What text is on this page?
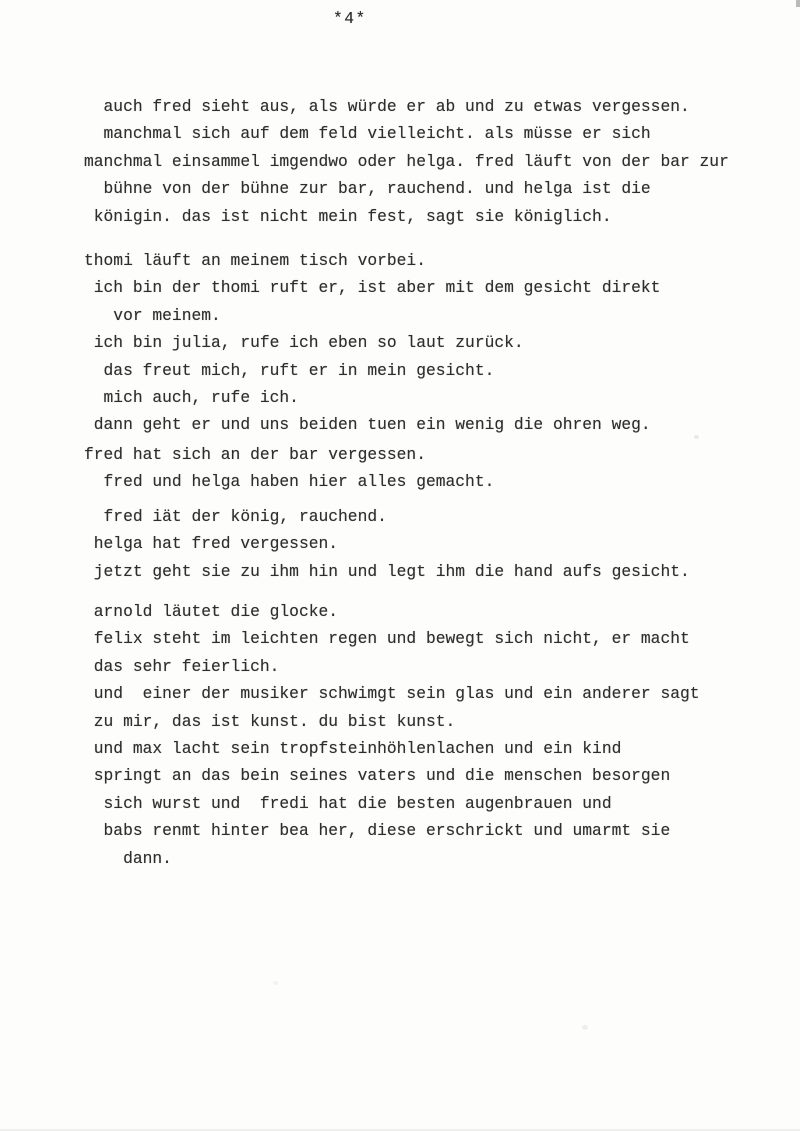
*4*
auch fred sieht aus, als würde er ab und zu etwas vergessen.
manchmal sich auf dem feld vielleicht. als müsse er sich
manchmal einsammel imgendwo oder helga. fred läuft von der bar zur
bühne von der bühne zur bar, rauchend. und helga ist die
königin. das ist nicht mein fest, sagt sie königlich.
thomi läuft an meinem tisch vorbei.
ich bin der thomi ruft er, ist aber mit dem gesicht direkt
vor meinem.
ich bin julia, rufe ich eben so laut zurück.
das freut mich, ruft er in mein gesicht.
mich auch, rufe ich.
dann geht er und uns beiden tuen ein wenig die ohren weg.
fred hat sich an der bar vergessen.
fred und helga haben hier alles gemacht.
fred iät der könig, rauchend.
helga hat fred vergessen.
jetzt geht sie zu ihm hin und legt ihm die hand aufs gesicht.
arnold läutet die glocke.
felix steht im leichten regen und bewegt sich nicht, er macht
das sehr feierlich.
und  einer der musiker schwimgt sein glas und ein anderer sagt
zu mir, das ist kunst. du bist kunst.
und max lacht sein tropfsteinhöhlenlachen und ein kind
springt an das bein seines vaters und die menschen besorgen
sich wurst und  fredi hat die besten augenbrauen und
babs renmt hinter bea her, diese erschrickt und umarmt sie
dann.
